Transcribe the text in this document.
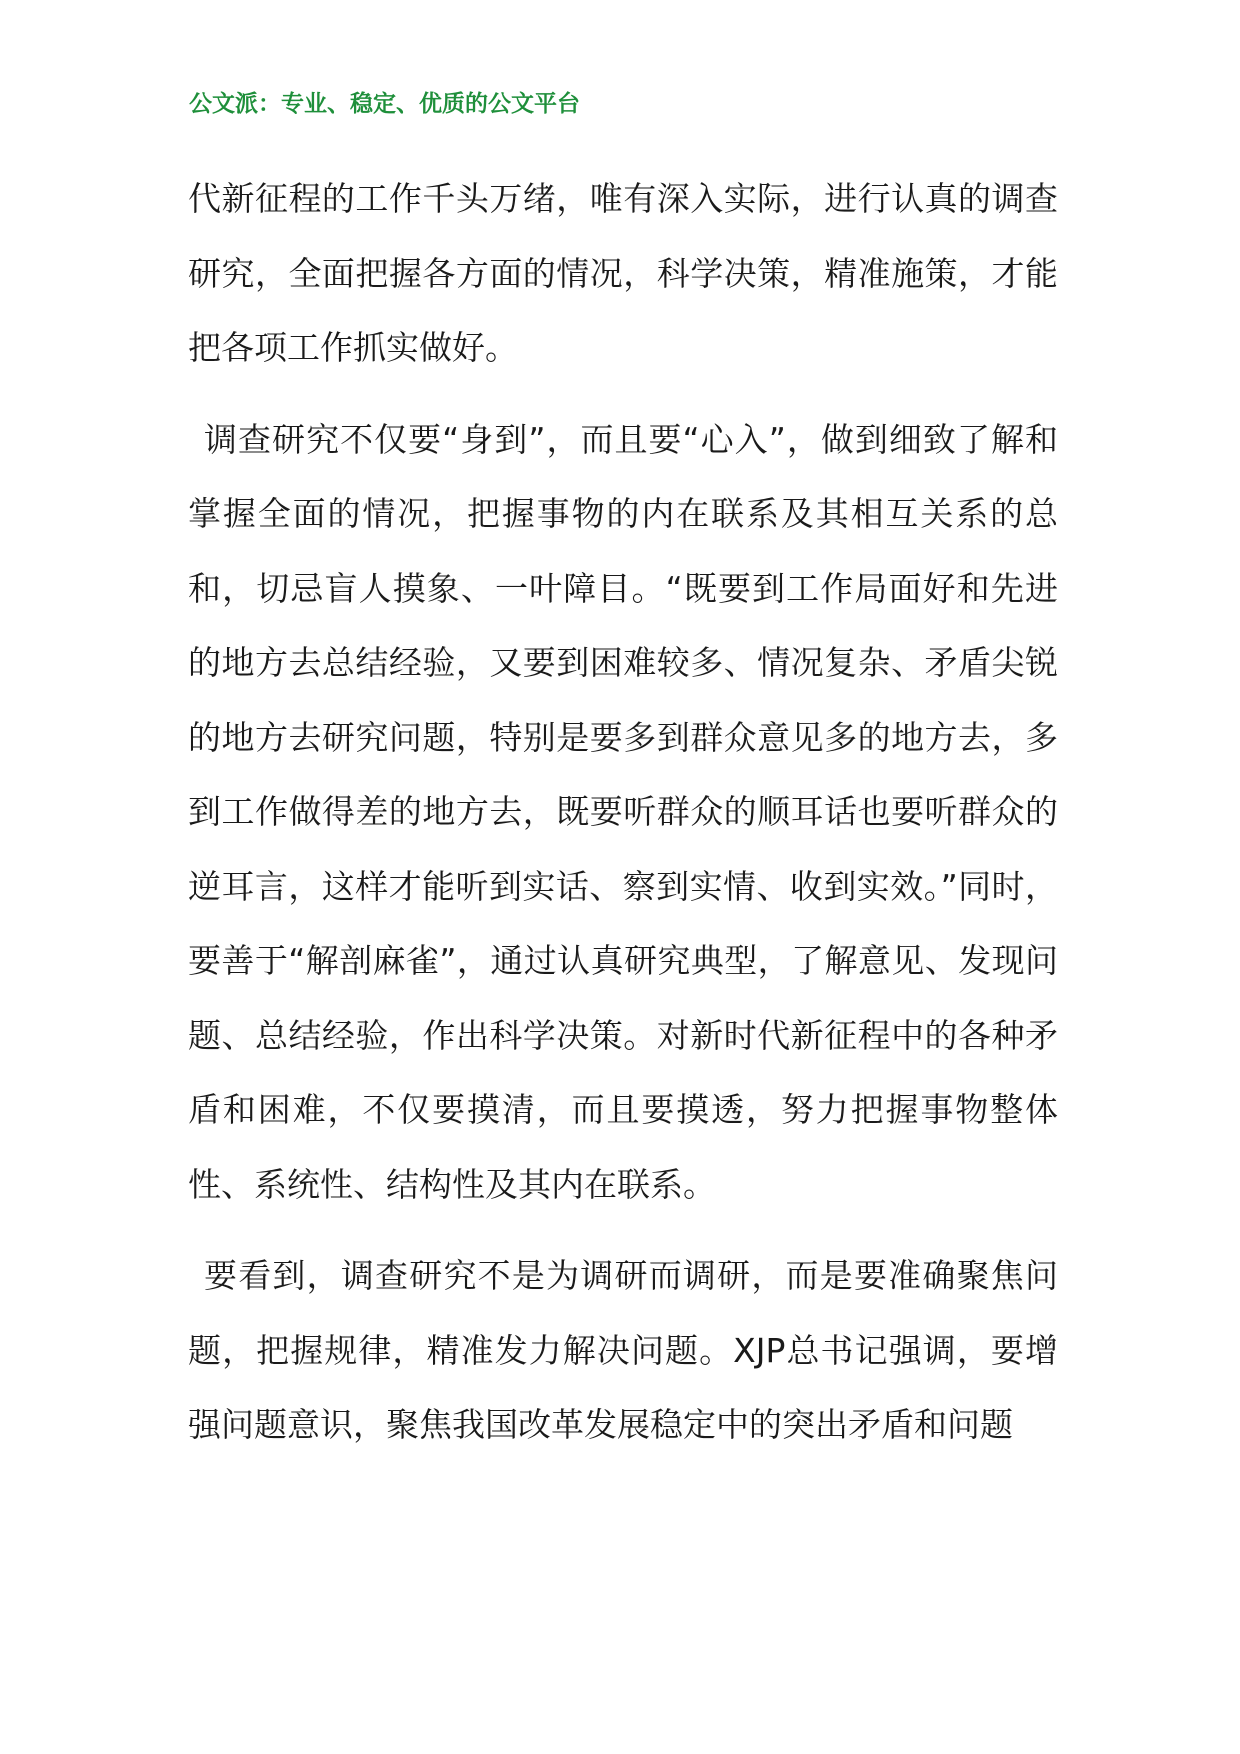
公文派：专业、稳定、优质的公文平台

代新征程的工作千头万绪，唯有深入实际，进行认真的调查研究，全面把握各方面的情况，科学决策，精准施策，才能把各项工作抓实做好。

调查研究不仅要“身到”，而且要“心入”，做到细致了解和掌握全面的情况，把握事物的内在联系及其相互关系的总和，切忌盲人摸象、一叶障目。“既要到工作局面好和先进的地方去总结经验，又要到困难较多、情况复杂、矛盾尖锐的地方去研究问题，特别是要多到群众意见多的地方去，多到工作做得差的地方去，既要听群众的顺耳话也要听群众的逆耳言，这样才能听到实话、察到实情、收到实效。”同时，要善于“解剖麻雀”，通过认真研究典型，了解意见、发现问题、总结经验，作出科学决策。对新时代新征程中的各种矛盾和困难，不仅要摸清，而且要摸透，努力把握事物整体性、系统性、结构性及其内在联系。

要看到，调查研究不是为调研而调研，而是要准确聚焦问题，把握规律，精准发力解决问题。XJP总书记强调，要增强问题意识，聚焦我国改革发展稳定中的突出矛盾和问题
